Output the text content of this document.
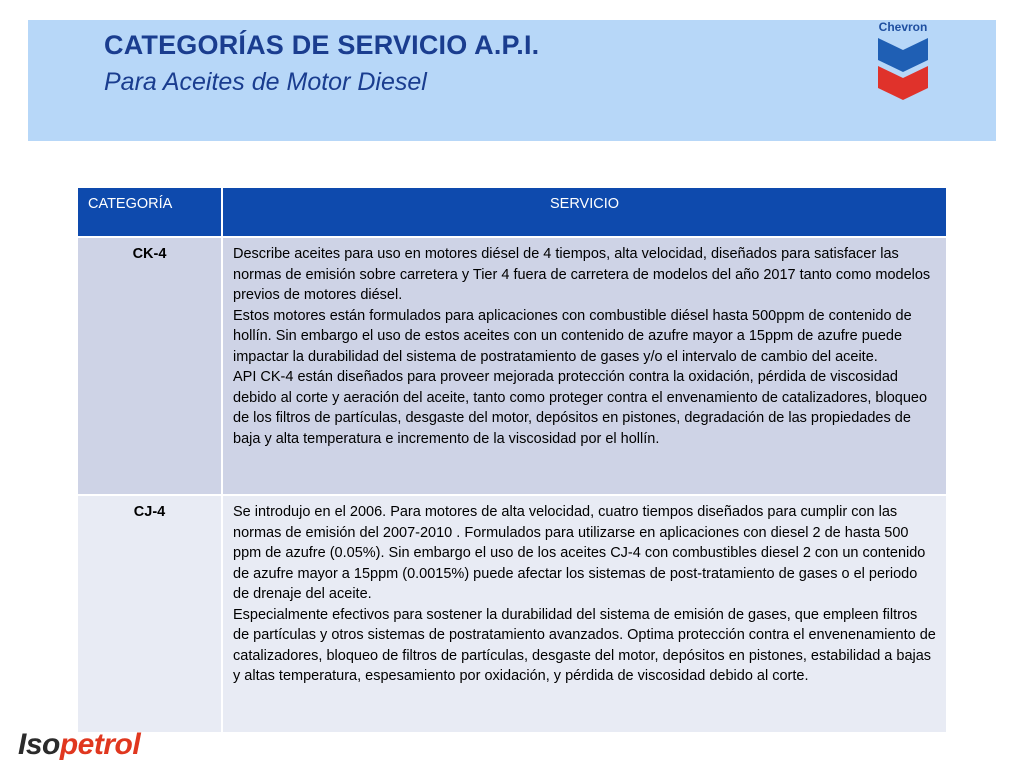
CATEGORÍAS DE SERVICIO A.P.I.
Para Aceites de Motor Diesel
Chevron
CATEGORÍA	SERVICIO
CK-4	Describe aceites para uso en motores diésel de 4 tiempos, alta velocidad, diseñados para satisfacer las normas de emisión sobre carretera y Tier 4 fuera de carretera de modelos del año 2017 tanto como modelos previos de motores diésel.
Estos motores están formulados para aplicaciones con combustible diésel hasta 500ppm de contenido de hollín. Sin embargo el uso de estos aceites con un contenido de azufre mayor a 15ppm de azufre puede impactar la durabilidad del sistema de postratamiento de gases y/o el intervalo de cambio del aceite.
API CK-4 están diseñados para proveer mejorada protección contra la oxidación, pérdida de viscosidad debido al corte y aeración del aceite, tanto como proteger contra el envenamiento de catalizadores, bloqueo de los filtros de partículas, desgaste del motor, depósitos en pistones, degradación de las propiedades de baja y alta temperatura e incremento de la viscosidad por el hollín.

CJ-4	Se introdujo en el 2006. Para motores de alta velocidad, cuatro tiempos diseñados para cumplir con las normas de emisión del 2007-2010 . Formulados para utilizarse en aplicaciones con diesel 2 de hasta 500 ppm de azufre (0.05%). Sin embargo el uso de los aceites CJ-4 con combustibles diesel 2 con un contenido de azufre mayor a 15ppm (0.0015%) puede afectar los sistemas de post-tratamiento de gases o el periodo de drenaje del aceite.
Especialmente efectivos para sostener la durabilidad del sistema de emisión de gases, que empleen filtros de partículas y otros sistemas de postratamiento avanzados. Optima protección contra el envenenamiento de catalizadores, bloqueo de filtros de partículas, desgaste del motor, depósitos en pistones, estabilidad a bajas y altas temperatura, espesamiento por oxidación, y pérdida de viscosidad debido al corte.
Isopetrol
